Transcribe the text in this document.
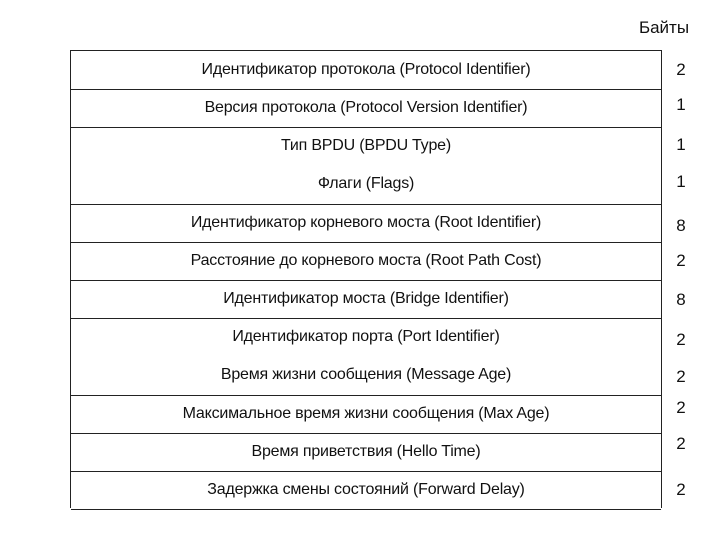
Байты
Идентификатор протокола (Protocol Identifier)
Версия протокола (Protocol Version Identifier)
Тип BPDU (BPDU Type)
Флаги (Flags)
Идентификатор корневого моста (Root Identifier)
Расстояние до корневого моста (Root Path Cost)
Идентификатор моста (Bridge Identifier)
Идентификатор порта (Port Identifier)
Время жизни сообщения (Message Age)
Максимальное время жизни сообщения (Max Age)
Время приветствия (Hello Time)
Задержка смены состояний (Forward Delay)
2
1
1
1
8
2
8
2
2
2
2
2
